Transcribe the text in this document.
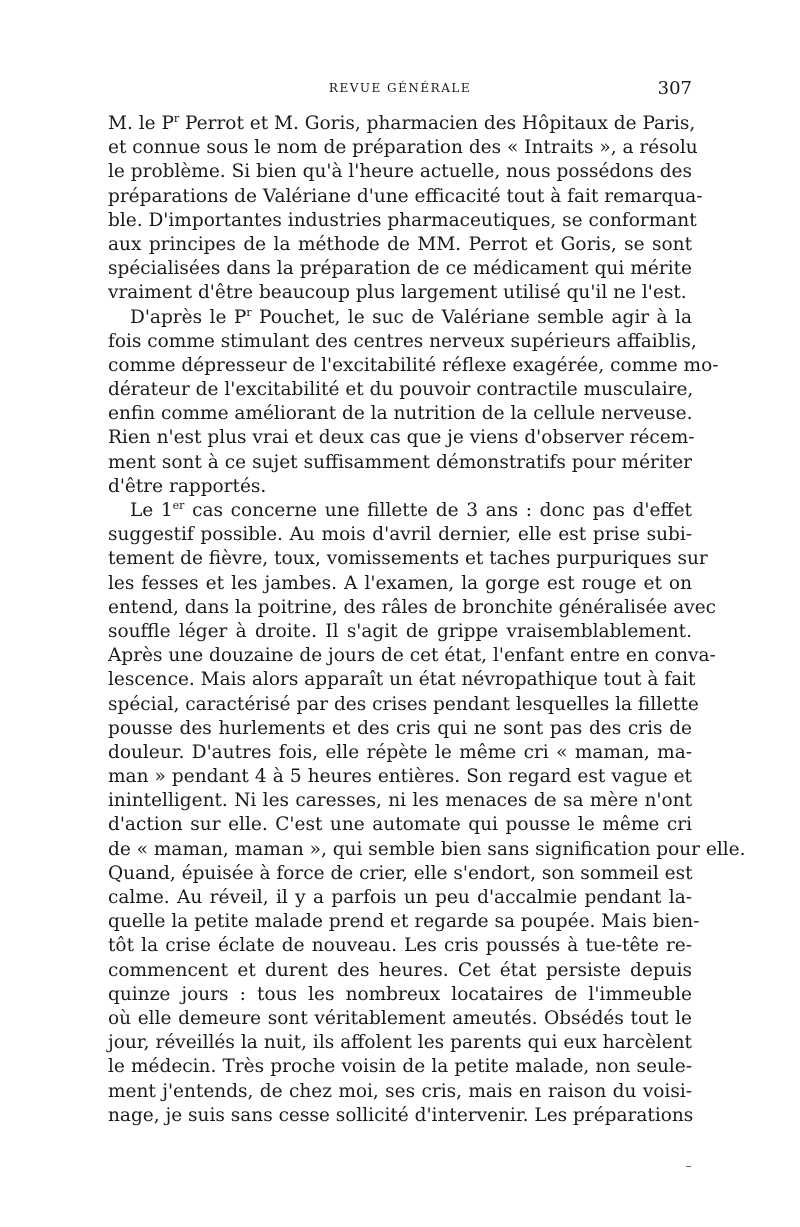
REVUE GÉNÉRALE	307
M. le $P^r$ Perrot et M. Goris, pharmacien des Hôpitaux de Paris,
et connue sous le nom de préparation des « Intraits », a résolu
le problème. Si bien qu'à l'heure actuelle, nous possédons des
préparations de Valériane d'une efficacité tout à fait remarqua-
ble. D'importantes industries pharmaceutiques, se conformant
aux principes de la méthode de MM. Perrot et Goris, se sont
spécialisées dans la préparation de ce médicament qui mérite
vraiment d'être beaucoup plus largement utilisé qu'il ne l'est.
D'après le $P^r$ Pouchet, le suc de Valériane semble agir à la
fois comme stimulant des centres nerveux supérieurs affaiblis,
comme dépresseur de l'excitabilité réflexe exagérée, comme mo-
dérateur de l'excitabilité et du pouvoir contractile musculaire,
enfin comme améliorant de la nutrition de la cellule nerveuse.
Rien n'est plus vrai et deux cas que je viens d'observer récem-
ment sont à ce sujet suffisamment démonstratifs pour mériter
d'être rapportés.
Le 1er cas concerne une fillette de 3 ans : donc pas d'effet
suggestif possible. Au mois d'avril dernier, elle est prise subi-
tement de fièvre, toux, vomissements et taches purpuriques sur
les fesses et les jambes. A l'examen, la gorge est rouge et on
entend, dans la poitrine, des râles de bronchite généralisée avec
souffle léger à droite. Il s'agit de grippe vraisemblablement.
Après une douzaine de jours de cet état, l'enfant entre en conva-
lescence. Mais alors apparaît un état névropathique tout à fait
spécial, caractérisé par des crises pendant lesquelles la fillette
pousse des hurlements et des cris qui ne sont pas des cris de
douleur. D'autres fois, elle répète le même cri « maman, ma-
man » pendant 4 à 5 heures entières. Son regard est vague et
inintelligent. Ni les caresses, ni les menaces de sa mère n'ont
d'action sur elle. C'est une automate qui pousse le même cri
de « maman, maman », qui semble bien sans signification pour elle.
Quand, épuisée à force de crier, elle s'endort, son sommeil est
calme. Au réveil, il y a parfois un peu d'accalmie pendant la-
quelle la petite malade prend et regarde sa poupée. Mais bien-
tôt la crise éclate de nouveau. Les cris poussés à tue-tête re-
commencent et durent des heures. Cet état persiste depuis
quinze jours : tous les nombreux locataires de l'immeuble
où elle demeure sont véritablement ameutés. Obsédés tout le
jour, réveillés la nuit, ils affolent les parents qui eux harcèlent
le médecin. Très proche voisin de la petite malade, non seule-
ment j'entends, de chez moi, ses cris, mais en raison du voisi-
nage, je suis sans cesse sollicité d'intervenir. Les préparations
